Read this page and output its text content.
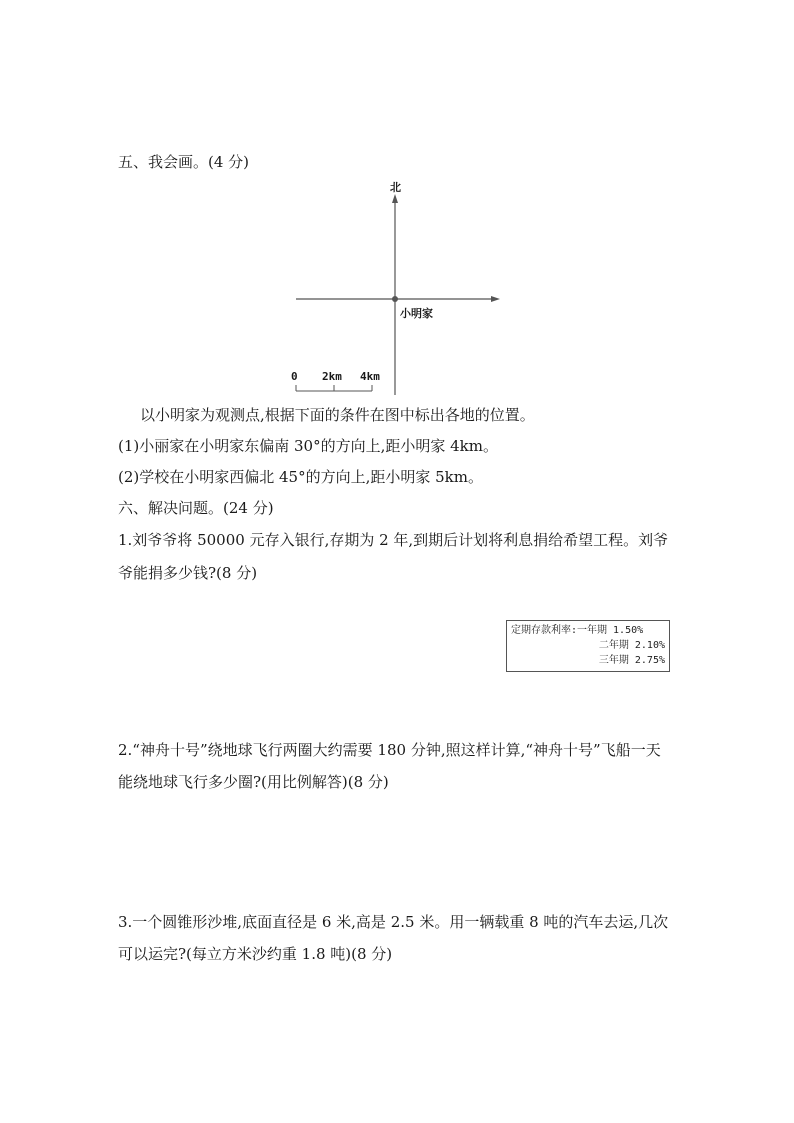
五、我会画。(4 分)
北
小明家
0 2km 4km
以小明家为观测点,根据下面的条件在图中标出各地的位置。
(1)小丽家在小明家东偏南 30°的方向上,距小明家 4km。
(2)学校在小明家西偏北 45°的方向上,距小明家 5km。
六、解决问题。(24 分)
1.刘爷爷将 50000 元存入银行,存期为 2 年,到期后计划将利息捐给希望工程。刘爷
爷能捐多少钱?(8 分)
定期存款利率:一年期 1.50%
二年期 2.10%
三年期 2.75%
2.“神舟十号”绕地球飞行两圈大约需要 180 分钟,照这样计算,“神舟十号”飞船一天
能绕地球飞行多少圈?(用比例解答)(8 分)
3.一个圆锥形沙堆,底面直径是 6 米,高是 2.5 米。用一辆载重 8 吨的汽车去运,几次
可以运完?(每立方米沙约重 1.8 吨)(8 分)
